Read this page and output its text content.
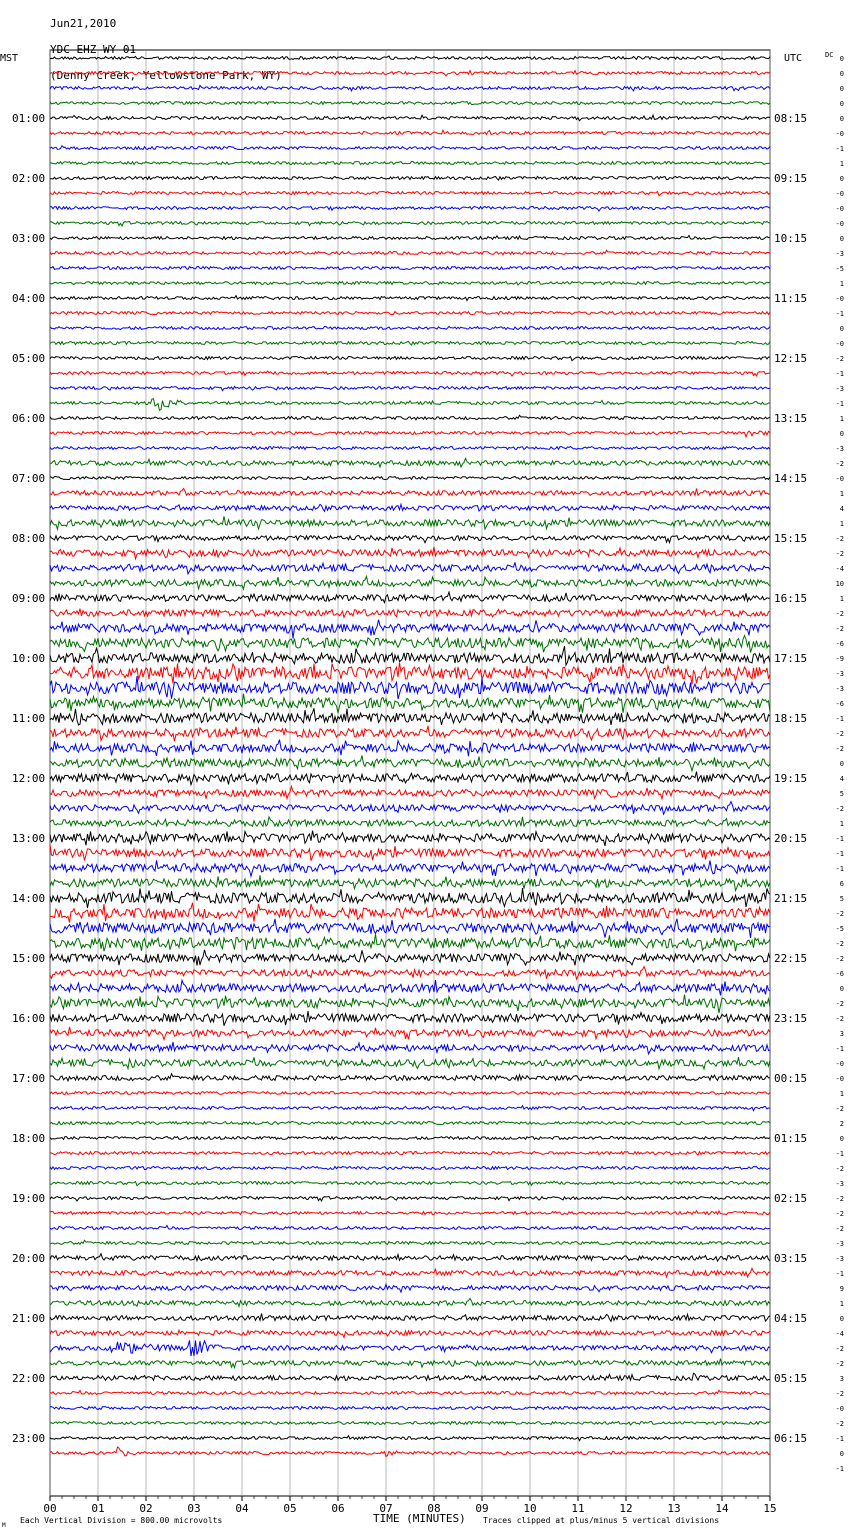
Jun21,2010

YDC EHZ WY 01

(Denny Creek, Yellowstone Park, WY)

MST	UTC	DC
TIME (MINUTES)
Each Vertical Division = 800.00 microvolts	Traces clipped at plus/minus 5 vertical divisions
M
00	01	02	03	04	05	06	07	08	09	10	11	12	13	14	15
01:00
02:00
03:00
04:00
05:00
06:00
07:00
08:00
09:00
10:00
11:00
12:00
13:00
14:00
15:00
16:00
17:00
18:00
19:00
20:00
21:00
22:00
23:00
08:15
09:15
10:15
11:15
12:15
13:15
14:15
15:15
16:15
17:15
18:15
19:15
20:15
21:15
22:15
23:15
00:15
01:15
02:15
03:15
04:15
05:15
06:15
0
0
0
0
0
-0
-1
1
0
-0
-0
-0
0
-3
-5
1
-0
-1
0
-0
-2
-1
-3
-1
1
0
-3
-2
-0
1
4
1
-2
-2
-4
10
1
-2
-2
-6
-9
-3
-3
-6
-1
-2
-2
0
4
5
-2
1
-1
-1
-1
6
5
-2
-5
-2
-2
-6
0
-2
-2
3
-1
-0
-0
1
-2
2
0
-1
-2
-3
-2
-2
-2
-3
-3
-1
9
1
0
-4
-2
-2
3
-2
-0
-2
-1
0
-1
